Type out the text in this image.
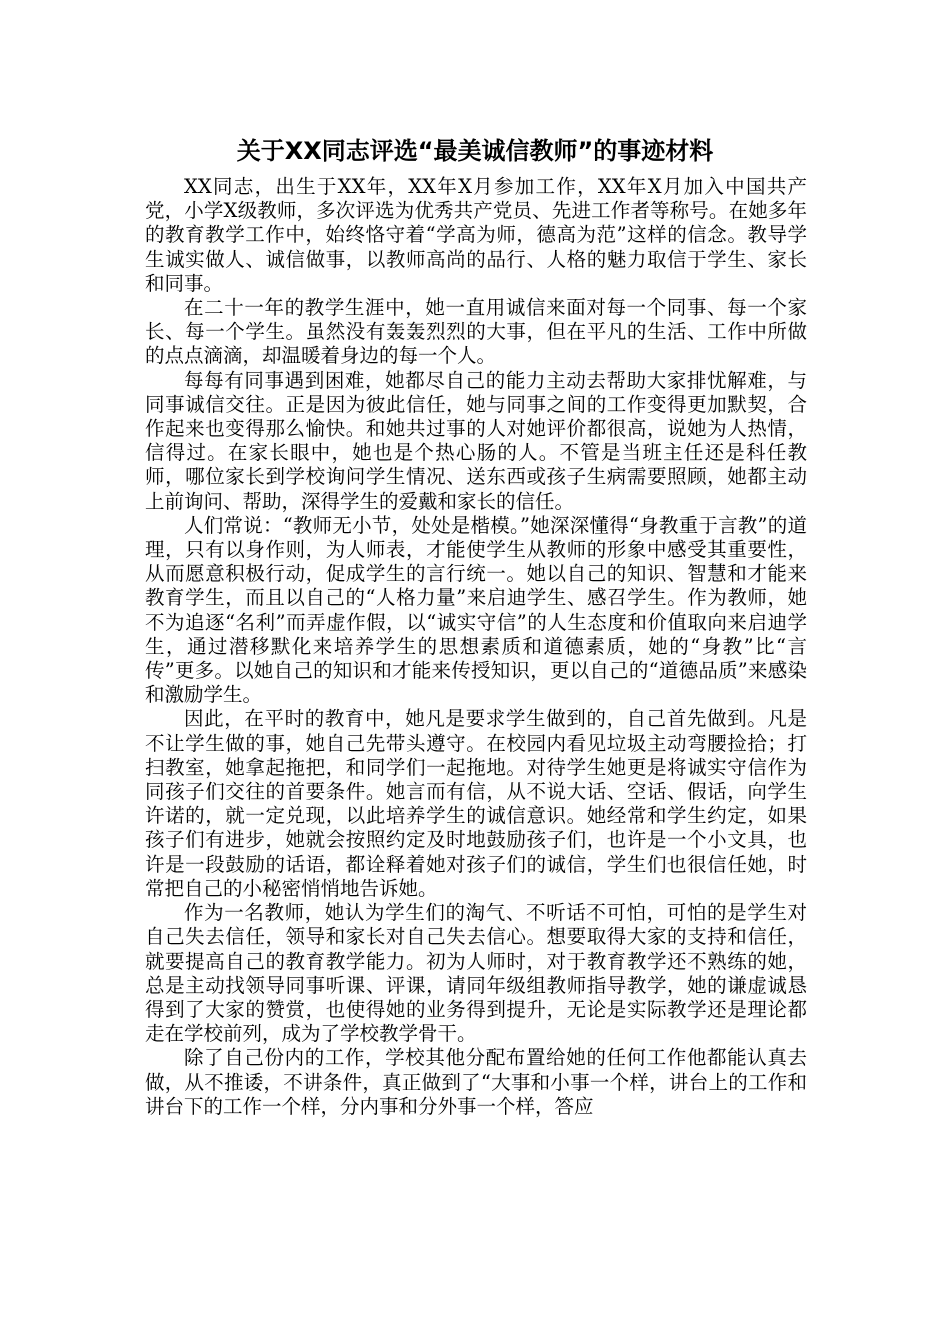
关于XX同志评选“最美诚信教师”的事迹材料

XX同志，出生于XX年，XX年X月参加工作，XX年X月加入中国共产党，小学X级教师，多次评选为优秀共产党员、先进工作者等称号。在她多年的教育教学工作中，始终恪守着“学高为师，德高为范”这样的信念。教导学生诚实做人、诚信做事，以教师高尚的品行、人格的魅力取信于学生、家长和同事。

在二十一年的教学生涯中，她一直用诚信来面对每一个同事、每一个家长、每一个学生。虽然没有轰轰烈烈的大事，但在平凡的生活、工作中所做的点点滴滴，却温暖着身边的每一个人。

每每有同事遇到困难，她都尽自己的能力主动去帮助大家排忧解难，与同事诚信交往。正是因为彼此信任，她与同事之间的工作变得更加默契，合作起来也变得那么愉快。和她共过事的人对她评价都很高，说她为人热情，信得过。在家长眼中，她也是个热心肠的人。不管是当班主任还是科任教师，哪位家长到学校询问学生情况、送东西或孩子生病需要照顾，她都主动上前询问、帮助，深得学生的爱戴和家长的信任。

人们常说：“教师无小节，处处是楷模。”她深深懂得“身教重于言教”的道理，只有以身作则，为人师表，才能使学生从教师的形象中感受其重要性，从而愿意积极行动，促成学生的言行统一。她以自己的知识、智慧和才能来教育学生，而且以自己的“人格力量”来启迪学生、感召学生。作为教师，她不为追逐“名利”而弄虚作假，以“诚实守信”的人生态度和价值取向来启迪学生，通过潜移默化来培养学生的思想素质和道德素质，她的“身教”比“言传”更多。以她自己的知识和才能来传授知识，更以自己的“道德品质”来感染和激励学生。

因此，在平时的教育中，她凡是要求学生做到的，自己首先做到。凡是不让学生做的事，她自己先带头遵守。在校园内看见垃圾主动弯腰捡拾；打扫教室，她拿起拖把，和同学们一起拖地。对待学生她更是将诚实守信作为同孩子们交往的首要条件。她言而有信，从不说大话、空话、假话，向学生许诺的，就一定兑现，以此培养学生的诚信意识。她经常和学生约定，如果孩子们有进步，她就会按照约定及时地鼓励孩子们，也许是一个小文具，也许是一段鼓励的话语，都诠释着她对孩子们的诚信，学生们也很信任她，时常把自己的小秘密悄悄地告诉她。

作为一名教师，她认为学生们的淘气、不听话不可怕，可怕的是学生对自己失去信任，领导和家长对自己失去信心。想要取得大家的支持和信任，就要提高自己的教育教学能力。初为人师时，对于教育教学还不熟练的她，总是主动找领导同事听课、评课，请同年级组教师指导教学，她的谦虚诚恳得到了大家的赞赏，也使得她的业务得到提升，无论是实际教学还是理论都走在学校前列，成为了学校教学骨干。

除了自己份内的工作，学校其他分配布置给她的任何工作他都能认真去做，从不推诿，不讲条件，真正做到了“大事和小事一个样，讲台上的工作和讲台下的工作一个样，分内事和分外事一个样，答应
